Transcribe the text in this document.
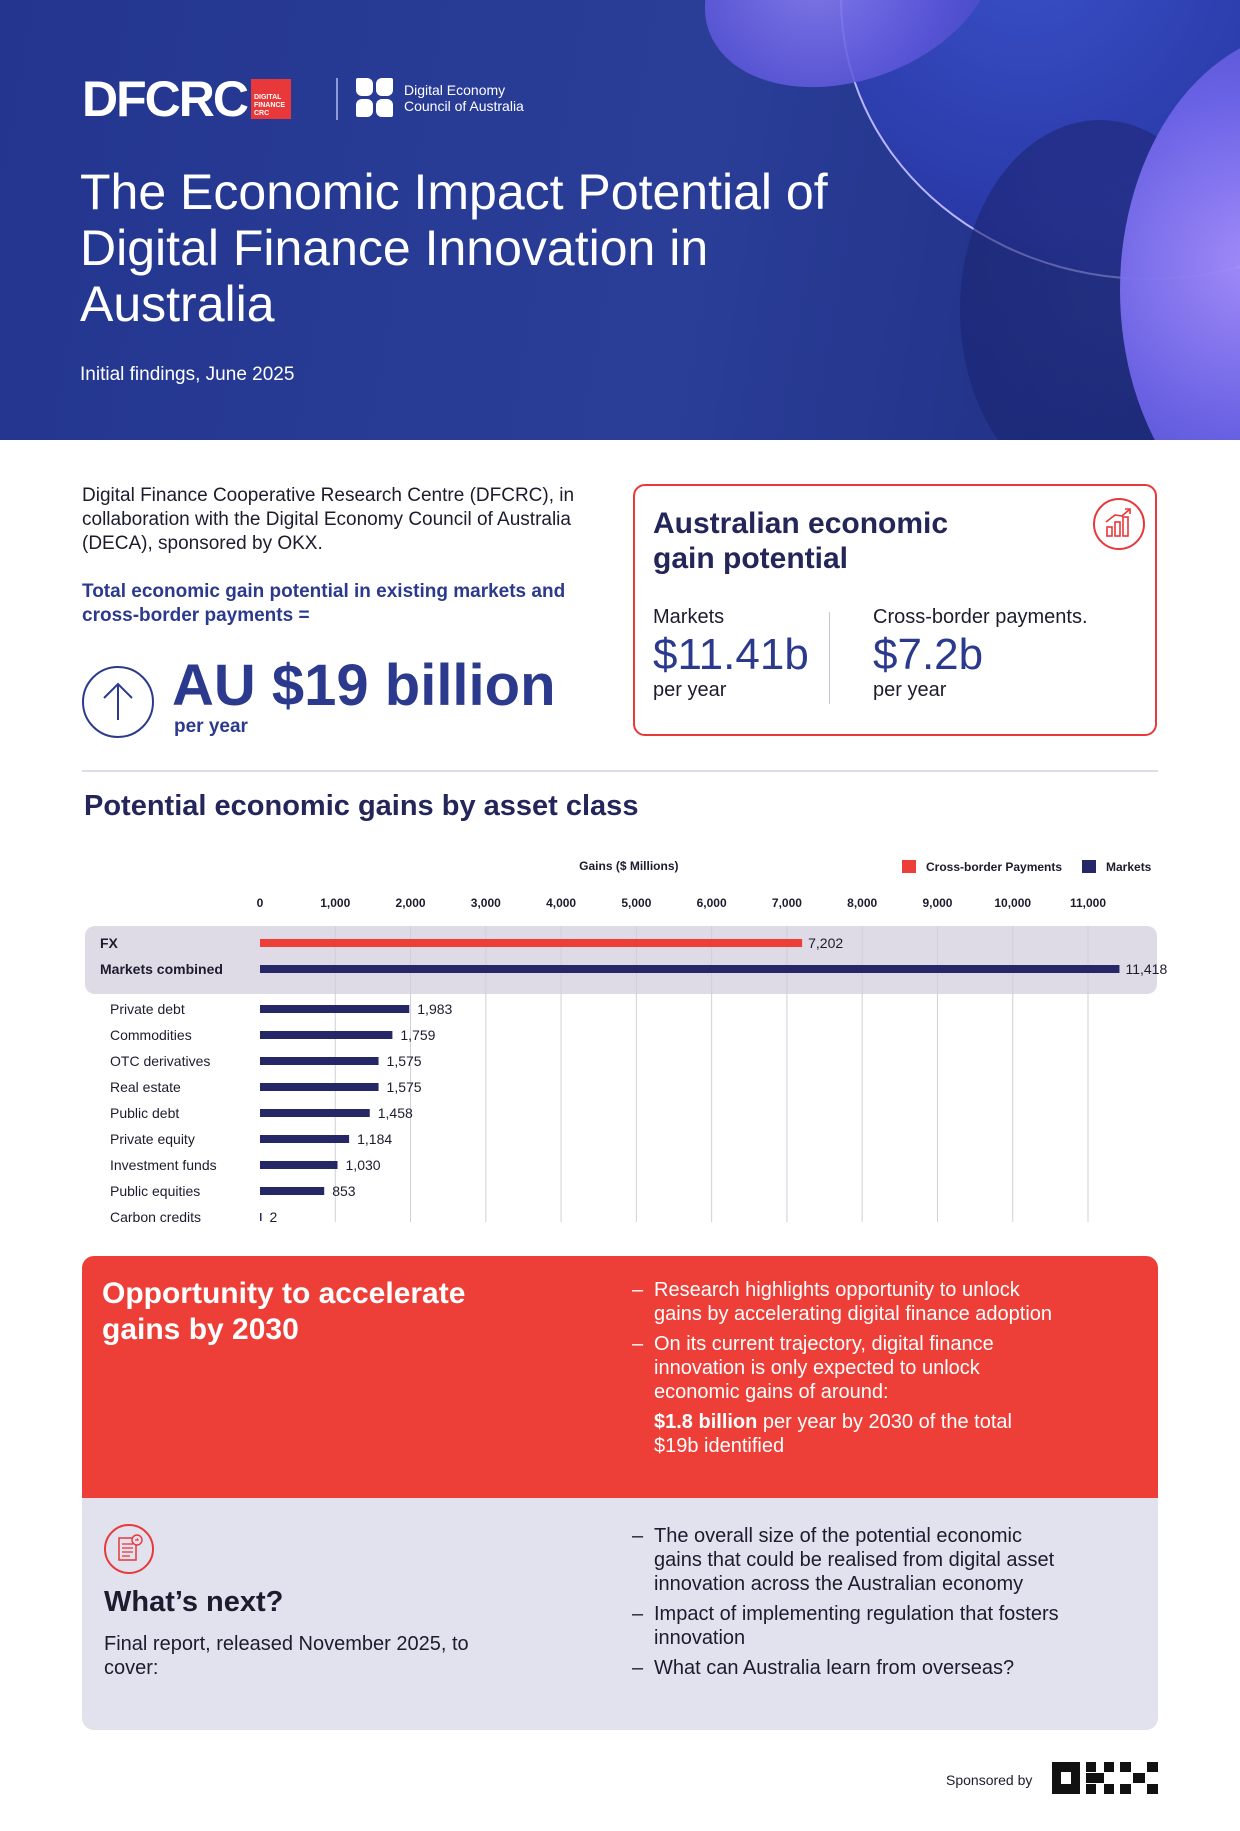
DFCRC	DIGITAL FINANCE CRC
Digital Economy
Council of Australia
The Economic Impact Potential of Digital Finance Innovation in Australia
Initial findings, June 2025
Digital Finance Cooperative Research Centre (DFCRC), in collaboration with the Digital Economy Council of Australia (DECA), sponsored by OKX.
Total economic gain potential in existing markets and cross-border payments =
AU $19 billion
per year
Australian economic gain potential
Markets
$11.41b
per year
Cross-border payments.
$7.2b
per year
Potential economic gains by asset class
Gains ($ Millions)	Cross-border Payments	Markets
0	1,000	2,000	3,000	4,000	5,000	6,000	7,000	8,000	9,000	10,000	11,000
FX	7,202
Markets combined	11,418
Private debt	1,983
Commodities	1,759
OTC derivatives	1,575
Real estate	1,575
Public debt	1,458
Private equity	1,184
Investment funds	1,030
Public equities	853
Carbon credits	2
Opportunity to accelerate gains by 2030
– Research highlights opportunity to unlock gains by accelerating digital finance adoption
– On its current trajectory, digital finance innovation is only expected to unlock economic gains of around:
$1.8 billion per year by 2030 of the total $19b identified
What’s next?
Final report, released November 2025, to cover:
– The overall size of the potential economic gains that could be realised from digital asset innovation across the Australian economy
– Impact of implementing regulation that fosters innovation
– What can Australia learn from overseas?
Sponsored by
